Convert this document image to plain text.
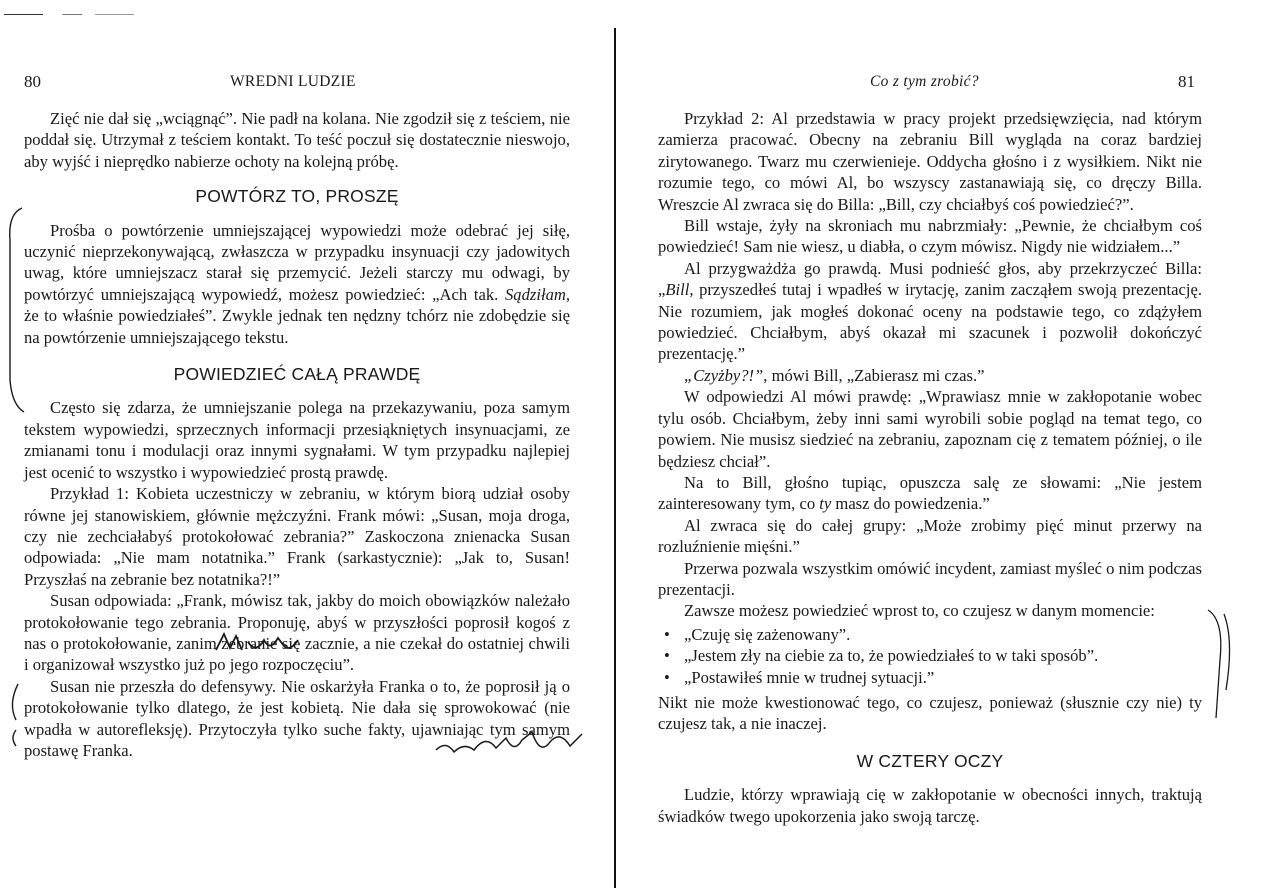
80	WREDNI LUDZIE

Zięć nie dał się „wciągnąć”. Nie padł na kolana. Nie zgodził się z teściem, nie poddał się. Utrzymał z teściem kontakt. To teść poczuł się dostatecznie nieswojo, aby wyjść i nieprędko nabierze ochoty na kolejną próbę.

POWTÓRZ TO, PROSZĘ

Prośba o powtórzenie umniejszającej wypowiedzi może odebrać jej siłę, uczynić nieprzekonywającą, zwłaszcza w przypadku insynuacji czy jadowitych uwag, które umniejszacz starał się przemycić. Jeżeli starczy mu odwagi, by powtórzyć umniejszającą wypowiedź, możesz powiedzieć: „Ach tak. Sądziłam, że to właśnie powiedziałeś”. Zwykle jednak ten nędzny tchórz nie zdobędzie się na powtórzenie umniejszającego tekstu.

POWIEDZIEĆ CAŁĄ PRAWDĘ

Często się zdarza, że umniejszanie polega na przekazywaniu, poza samym tekstem wypowiedzi, sprzecznych informacji przesiąkniętych insynuacjami, ze zmianami tonu i modulacji oraz innymi sygnałami. W tym przypadku najlepiej jest ocenić to wszystko i wypowiedzieć prostą prawdę.

Przykład 1: Kobieta uczestniczy w zebraniu, w którym biorą udział osoby równe jej stanowiskiem, głównie mężczyźni. Frank mówi: „Susan, moja droga, czy nie zechciałabyś protokołować zebrania?” Zaskoczona znienacka Susan odpowiada: „Nie mam notatnika.” Frank (sarkastycznie): „Jak to, Susan! Przyszłaś na zebranie bez notatnika?!”

Susan odpowiada: „Frank, mówisz tak, jakby do moich obowiązków należało protokołowanie tego zebrania. Proponuję, abyś w przyszłości poprosił kogoś z nas o protokołowanie, zanim zebranie się zacznie, a nie czekał do ostatniej chwili i organizował wszystko już po jego rozpoczęciu”.

Susan nie przeszła do defensywy. Nie oskarżyła Franka o to, że poprosił ją o protokołowanie tylko dlatego, że jest kobietą. Nie dała się sprowokować (nie wpadła w autorefleksję). Przytoczyła tylko suche fakty, ujawniając tym samym postawę Franka.

Co z tym zrobić?	81

Przykład 2: Al przedstawia w pracy projekt przedsięwzięcia, nad którym zamierza pracować. Obecny na zebraniu Bill wygląda na coraz bardziej zirytowanego. Twarz mu czerwienieje. Oddycha głośno i z wysiłkiem. Nikt nie rozumie tego, co mówi Al, bo wszyscy zastanawiają się, co dręczy Billa. Wreszcie Al zwraca się do Billa: „Bill, czy chciałbyś coś powiedzieć?”.

Bill wstaje, żyły na skroniach mu nabrzmiały: „Pewnie, że chciałbym coś powiedzieć! Sam nie wiesz, u diabła, o czym mówisz. Nigdy nie widziałem...”

Al przygważdża go prawdą. Musi podnieść głos, aby przekrzyczeć Billa: „Bill, przyszedłeś tutaj i wpadłeś w irytację, zanim zacząłem swoją prezentację. Nie rozumiem, jak mogłeś dokonać oceny na podstawie tego, co zdążyłem powiedzieć. Chciałbym, abyś okazał mi szacunek i pozwolił dokończyć prezentację.”

„Czyżby?!”, mówi Bill, „Zabierasz mi czas.”

W odpowiedzi Al mówi prawdę: „Wprawiasz mnie w zakłopotanie wobec tylu osób. Chciałbym, żeby inni sami wyrobili sobie pogląd na temat tego, co powiem. Nie musisz siedzieć na zebraniu, zapoznam cię z tematem później, o ile będziesz chciał”.

Na to Bill, głośno tupiąc, opuszcza salę ze słowami: „Nie jestem zainteresowany tym, co ty masz do powiedzenia.”

Al zwraca się do całej grupy: „Może zrobimy pięć minut przerwy na rozluźnienie mięśni.”

Przerwa pozwala wszystkim omówić incydent, zamiast myśleć o nim podczas prezentacji.

Zawsze możesz powiedzieć wprost to, co czujesz w danym momencie:

• „Czuję się zażenowany”.
• „Jestem zły na ciebie za to, że powiedziałeś to w taki sposób”.
• „Postawiłeś mnie w trudnej sytuacji.”

Nikt nie może kwestionować tego, co czujesz, ponieważ (słusznie czy nie) ty czujesz tak, a nie inaczej.

W CZTERY OCZY

Ludzie, którzy wprawiają cię w zakłopotanie w obecności innych, traktują świadków twego upokorzenia jako swoją tarczę.
